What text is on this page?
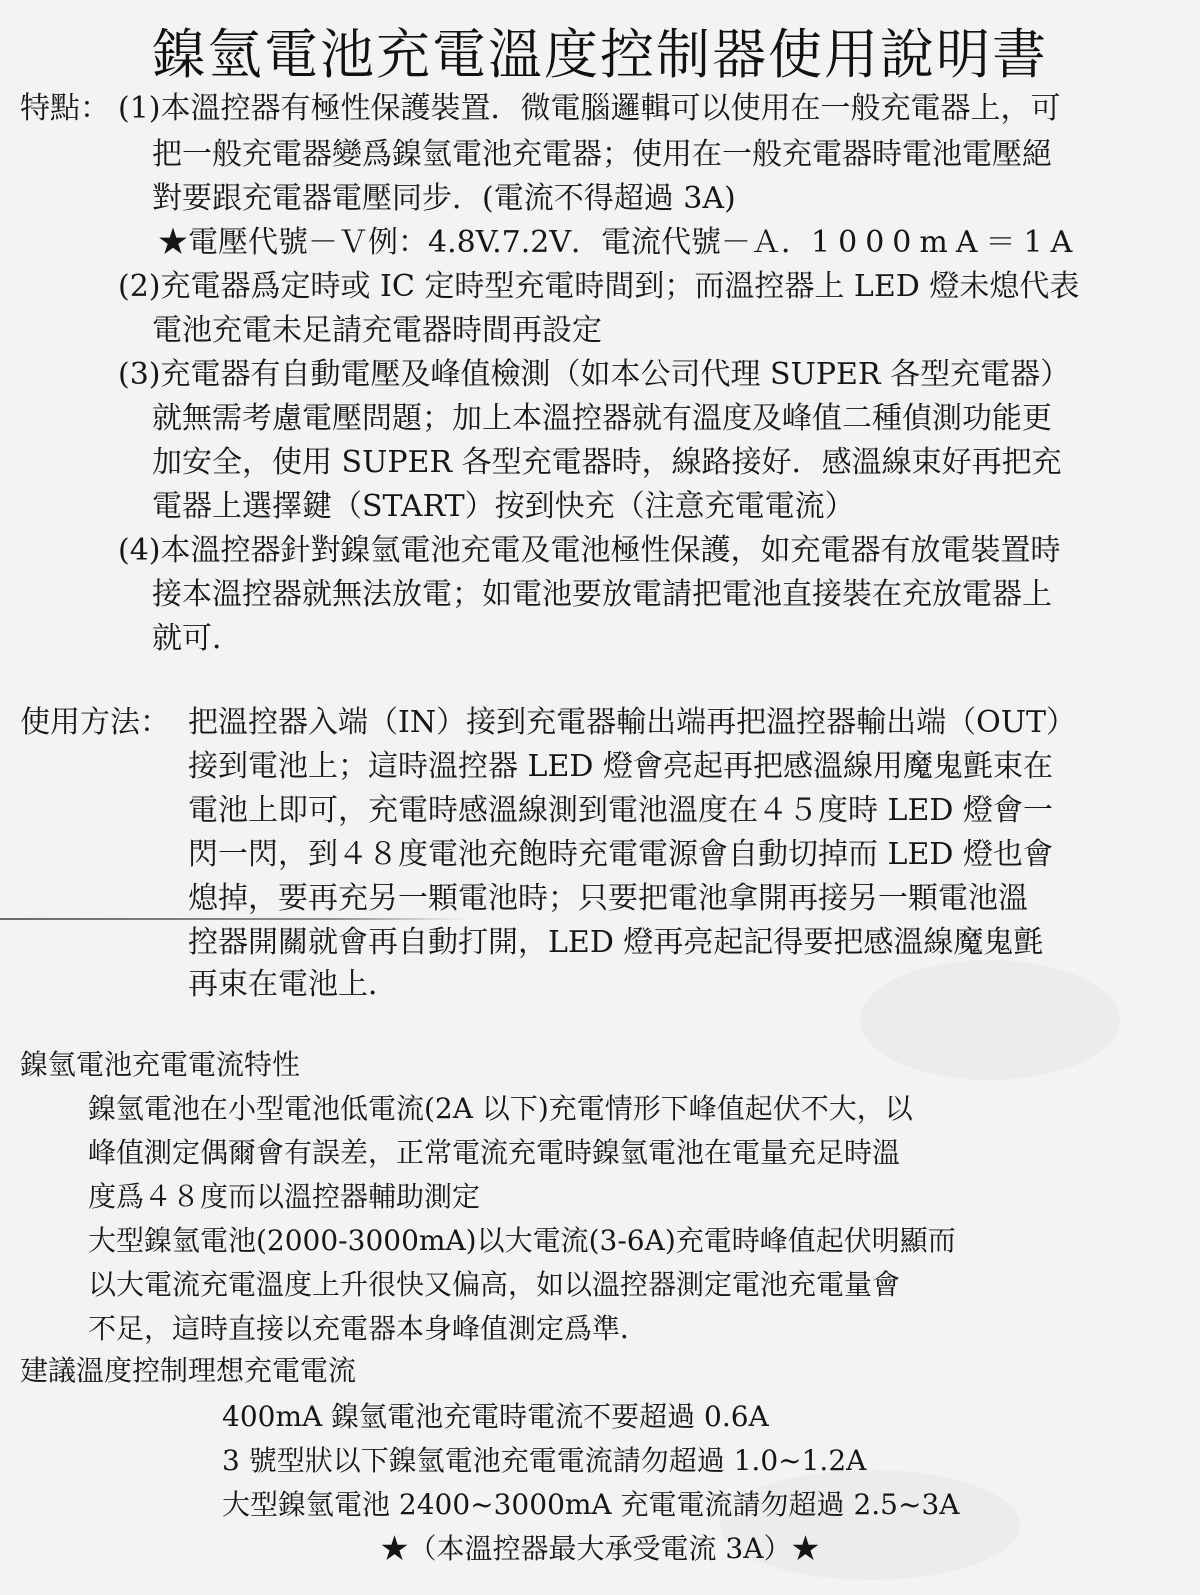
鎳氫電池充電溫度控制器使用說明書
特點： (1)本溫控器有極性保護裝置．微電腦邏輯可以使用在一般充電器上，可
把一般充電器變爲鎳氫電池充電器；使用在一般充電器時電池電壓絕
對要跟充電器電壓同步．(電流不得超過 3A)
★電壓代號－Ｖ例：4.8V.7.2V．電流代號－Ａ．1000mA＝1A
(2)充電器爲定時或 IC 定時型充電時間到；而溫控器上 LED 燈未熄代表
電池充電未足請充電器時間再設定
(3)充電器有自動電壓及峰值檢測（如本公司代理 SUPER 各型充電器）
就無需考慮電壓問題；加上本溫控器就有溫度及峰值二種偵測功能更
加安全，使用 SUPER 各型充電器時，線路接好．感溫線束好再把充
電器上選擇鍵（START）按到快充（注意充電電流）
(4)本溫控器針對鎳氫電池充電及電池極性保護，如充電器有放電裝置時
接本溫控器就無法放電；如電池要放電請把電池直接裝在充放電器上
就可．
使用方法： 把溫控器入端（IN）接到充電器輸出端再把溫控器輸出端（OUT）
接到電池上；這時溫控器 LED 燈會亮起再把感溫線用魔鬼氈束在
電池上即可，充電時感溫線測到電池溫度在４５度時 LED 燈會一
閃一閃，到４８度電池充飽時充電電源會自動切掉而 LED 燈也會
熄掉，要再充另一顆電池時；只要把電池拿開再接另一顆電池溫
控器開關就會再自動打開，LED 燈再亮起記得要把感溫線魔鬼氈
再束在電池上．
鎳氫電池充電電流特性
鎳氫電池在小型電池低電流(2A 以下)充電情形下峰值起伏不大，以
峰值測定偶爾會有誤差，正常電流充電時鎳氫電池在電量充足時溫
度爲４８度而以溫控器輔助測定
大型鎳氫電池(2000-3000mA)以大電流(3-6A)充電時峰值起伏明顯而
以大電流充電溫度上升很快又偏高，如以溫控器測定電池充電量會
不足，這時直接以充電器本身峰值測定爲準．
建議溫度控制理想充電電流
400mA 鎳氫電池充電時電流不要超過 0.6A
3 號型狀以下鎳氫電池充電電流請勿超過 1.0~1.2A
大型鎳氫電池 2400~3000mA 充電電流請勿超過 2.5~3A
★（本溫控器最大承受電流 3A）★
